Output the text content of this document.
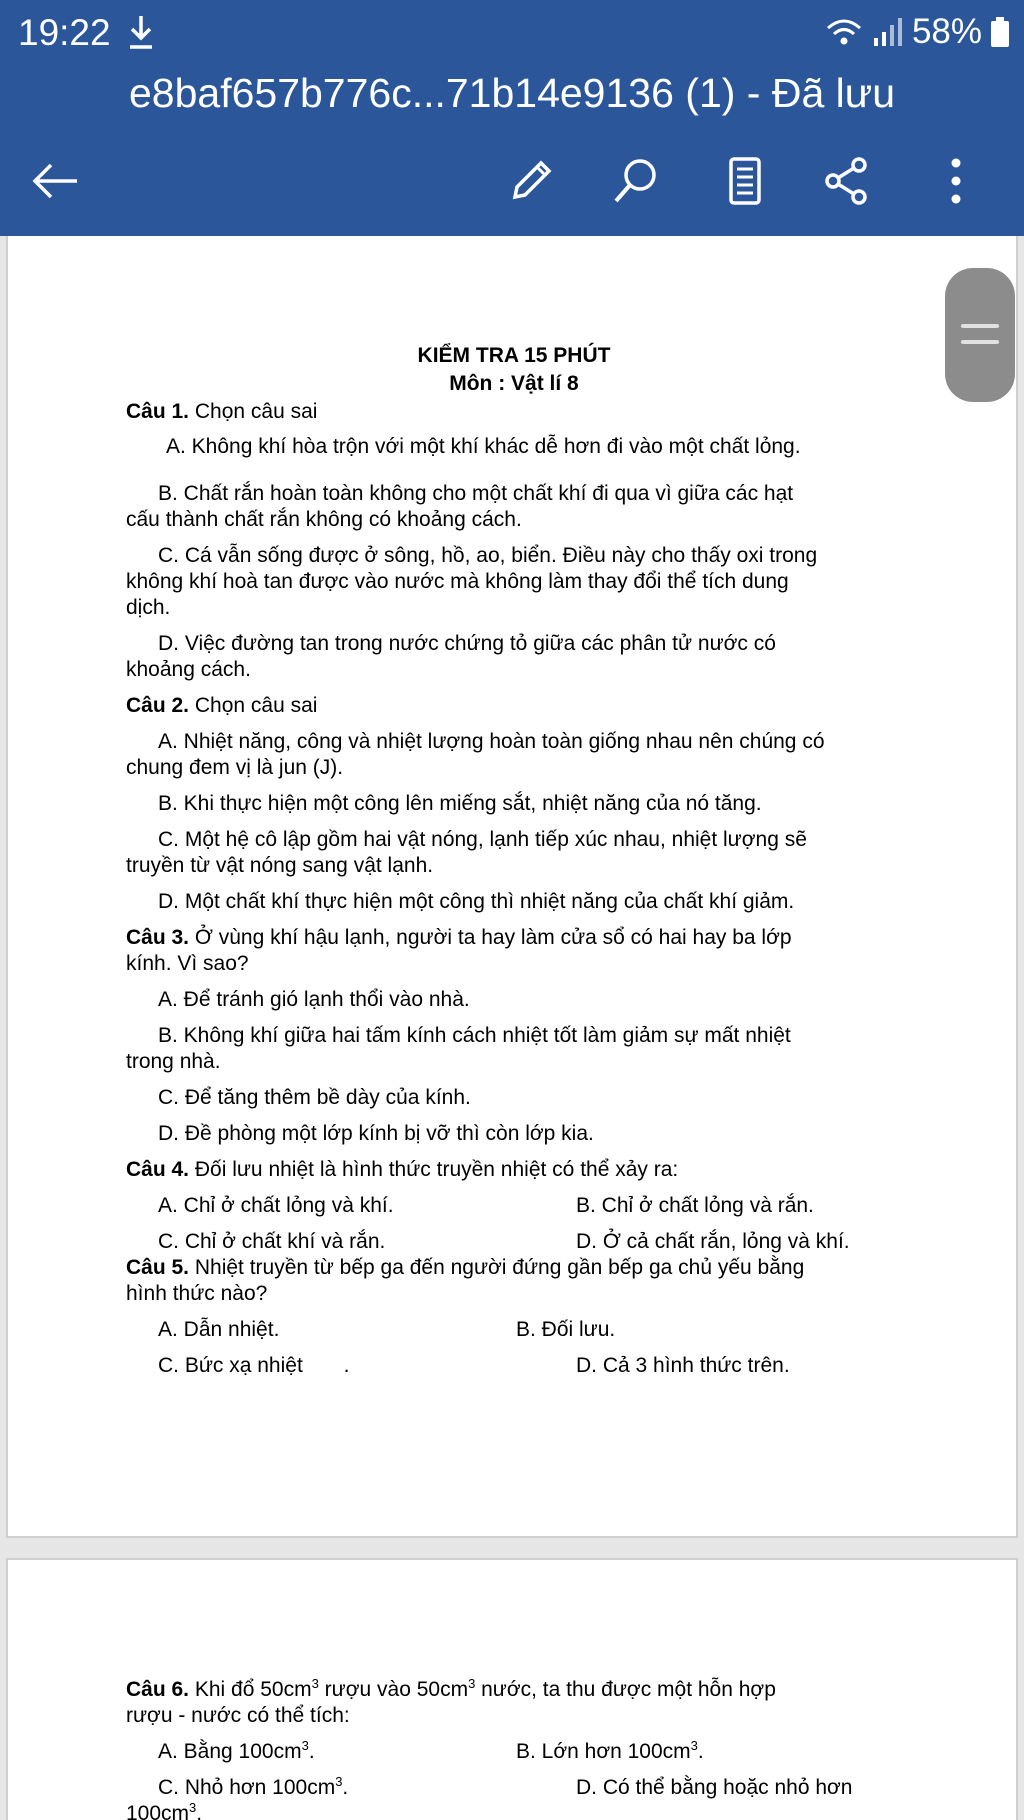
19:22	58%
e8baf657b776c...71b14e9136 (1) - Đã lưu
KIỂM TRA 15 PHÚT
Môn : Vật lí 8
Câu 1. Chọn câu sai
A. Không khí hòa trộn với một khí khác dễ hơn đi vào một chất lỏng.
B. Chất rắn hoàn toàn không cho một chất khí đi qua vì giữa các hạt
cấu thành chất rắn không có khoảng cách.
C. Cá vẫn sống được ở sông, hồ, ao, biển. Điều này cho thấy oxi trong
không khí hoà tan được vào nước mà không làm thay đổi thể tích dung
dịch.
D. Việc đường tan trong nước chứng tỏ giữa các phân tử nước có
khoảng cách.
Câu 2. Chọn câu sai
A. Nhiệt năng, công và nhiệt lượng hoàn toàn giống nhau nên chúng có
chung đem vị là jun (J).
B. Khi thực hiện một công lên miếng sắt, nhiệt năng của nó tăng.
C. Một hệ cô lập gồm hai vật nóng, lạnh tiếp xúc nhau, nhiệt lượng sẽ
truyền từ vật nóng sang vật lạnh.
D. Một chất khí thực hiện một công thì nhiệt năng của chất khí giảm.
Câu 3. Ở vùng khí hậu lạnh, người ta hay làm cửa sổ có hai hay ba lớp
kính. Vì sao?
A. Để tránh gió lạnh thổi vào nhà.
B. Không khí giữa hai tấm kính cách nhiệt tốt làm giảm sự mất nhiệt
trong nhà.
C. Để tăng thêm bề dày của kính.
D. Đề phòng một lớp kính bị vỡ thì còn lớp kia.
Câu 4. Đối lưu nhiệt là hình thức truyền nhiệt có thể xảy ra:
A. Chỉ ở chất lỏng và khí.	B. Chỉ ở chất lỏng và rắn.
C. Chỉ ở chất khí và rắn.	D. Ở cả chất rắn, lỏng và khí.
Câu 5. Nhiệt truyền từ bếp ga đến người đứng gần bếp ga chủ yếu bằng
hình thức nào?
A. Dẫn nhiệt.	B. Đối lưu.
C. Bức xạ nhiệt       .	D. Cả 3 hình thức trên.
Câu 6. Khi đổ $50cm^3$ rượu vào $50cm^3$ nước, ta thu được một hỗn hợp
rượu - nước có thể tích:
A. Bằng $100cm^3$.	B. Lớn hơn $100cm^3$.
C. Nhỏ hơn $100cm^3$.	D. Có thể bằng hoặc nhỏ hơn
$100cm^3$.
